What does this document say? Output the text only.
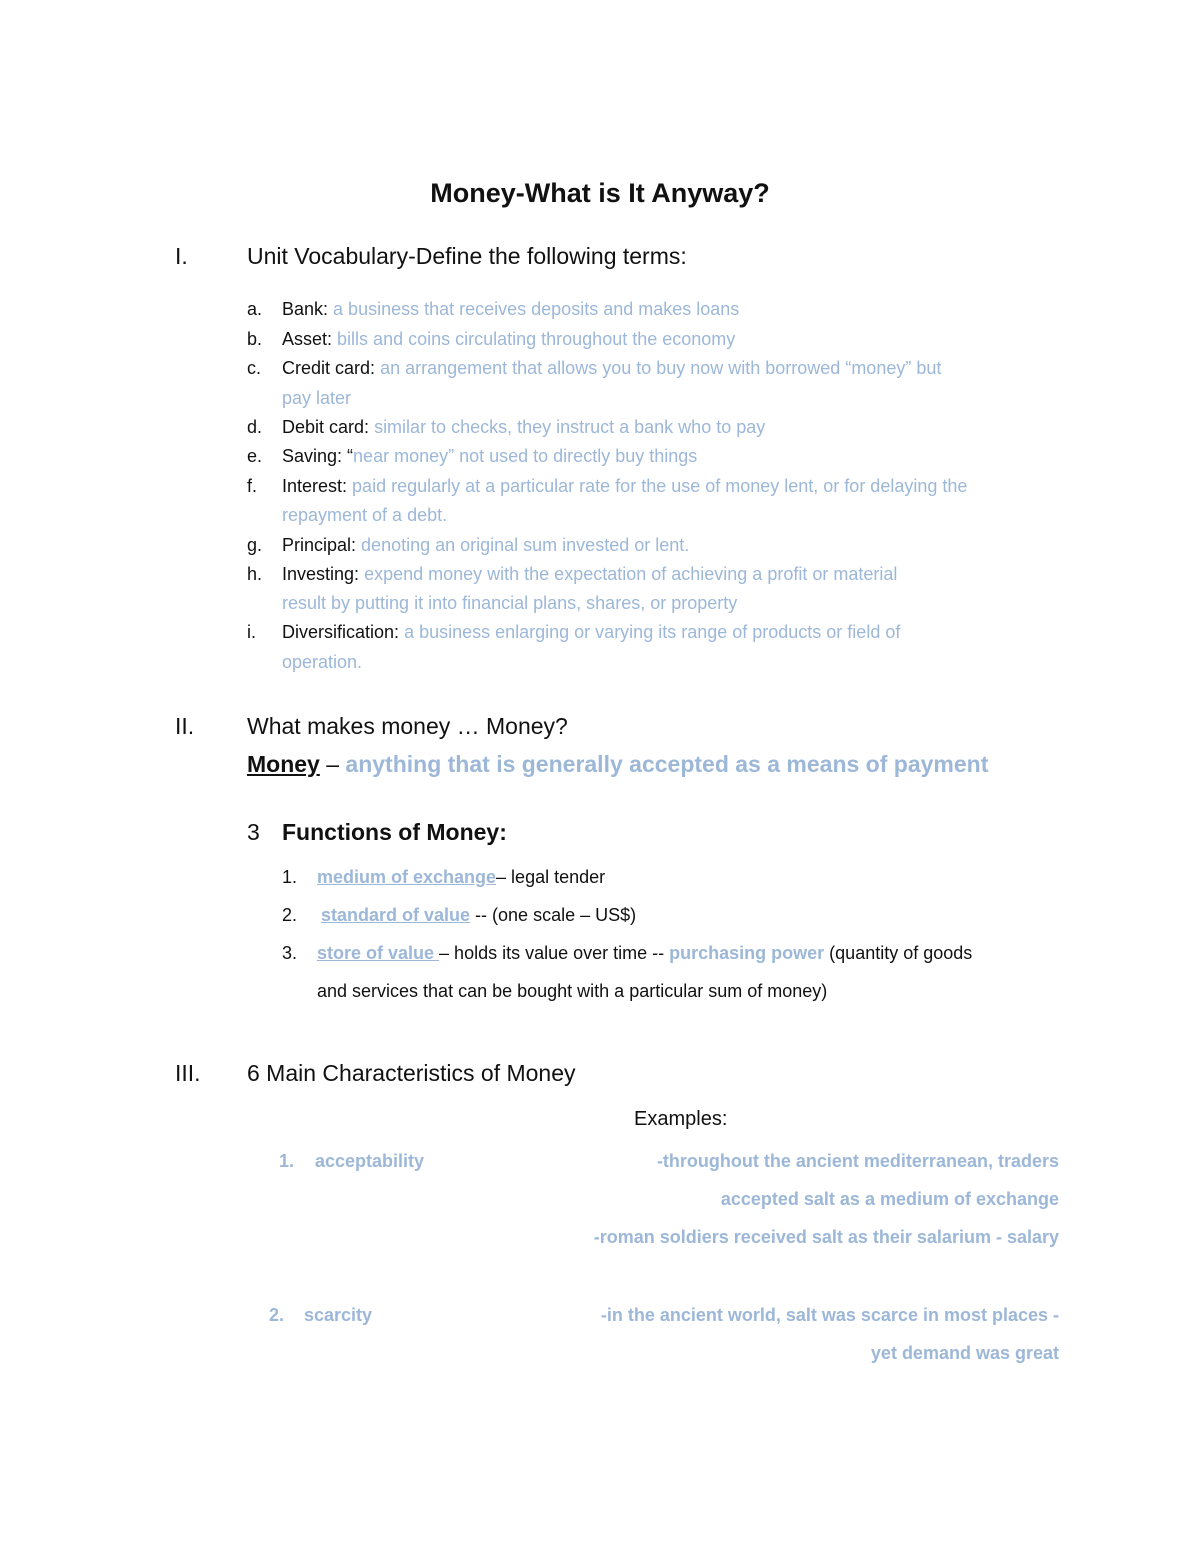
Money-What is It Anyway?
I.	Unit Vocabulary-Define the following terms:
a. Bank: a business that receives deposits and makes loans
b. Asset: bills and coins circulating throughout the economy
c. Credit card: an arrangement that allows you to buy now with borrowed “money” but
pay later
d. Debit card: similar to checks, they instruct a bank who to pay
e. Saving: “near money” not used to directly buy things
f. Interest: paid regularly at a particular rate for the use of money lent, or for delaying the
repayment of a debt.
g. Principal: denoting an original sum invested or lent.
h. Investing: expend money with the expectation of achieving a profit or material
result by putting it into financial plans, shares, or property
i. Diversification: a business enlarging or varying its range of products or field of
operation.
II. What makes money … Money?
Money – anything that is generally accepted as a means of payment
3 Functions of Money:
1. medium of exchange– legal tender
2. standard of value -- (one scale – US$)
3. store of value – holds its value over time -- purchasing power (quantity of goods
and services that can be bought with a particular sum of money)
III. 6 Main Characteristics of Money
Examples:
1. acceptability	-throughout the ancient mediterranean, traders
accepted salt as a medium of exchange
-roman soldiers received salt as their salarium - salary
2. scarcity	-in the ancient world, salt was scarce in most places -
yet demand was great
